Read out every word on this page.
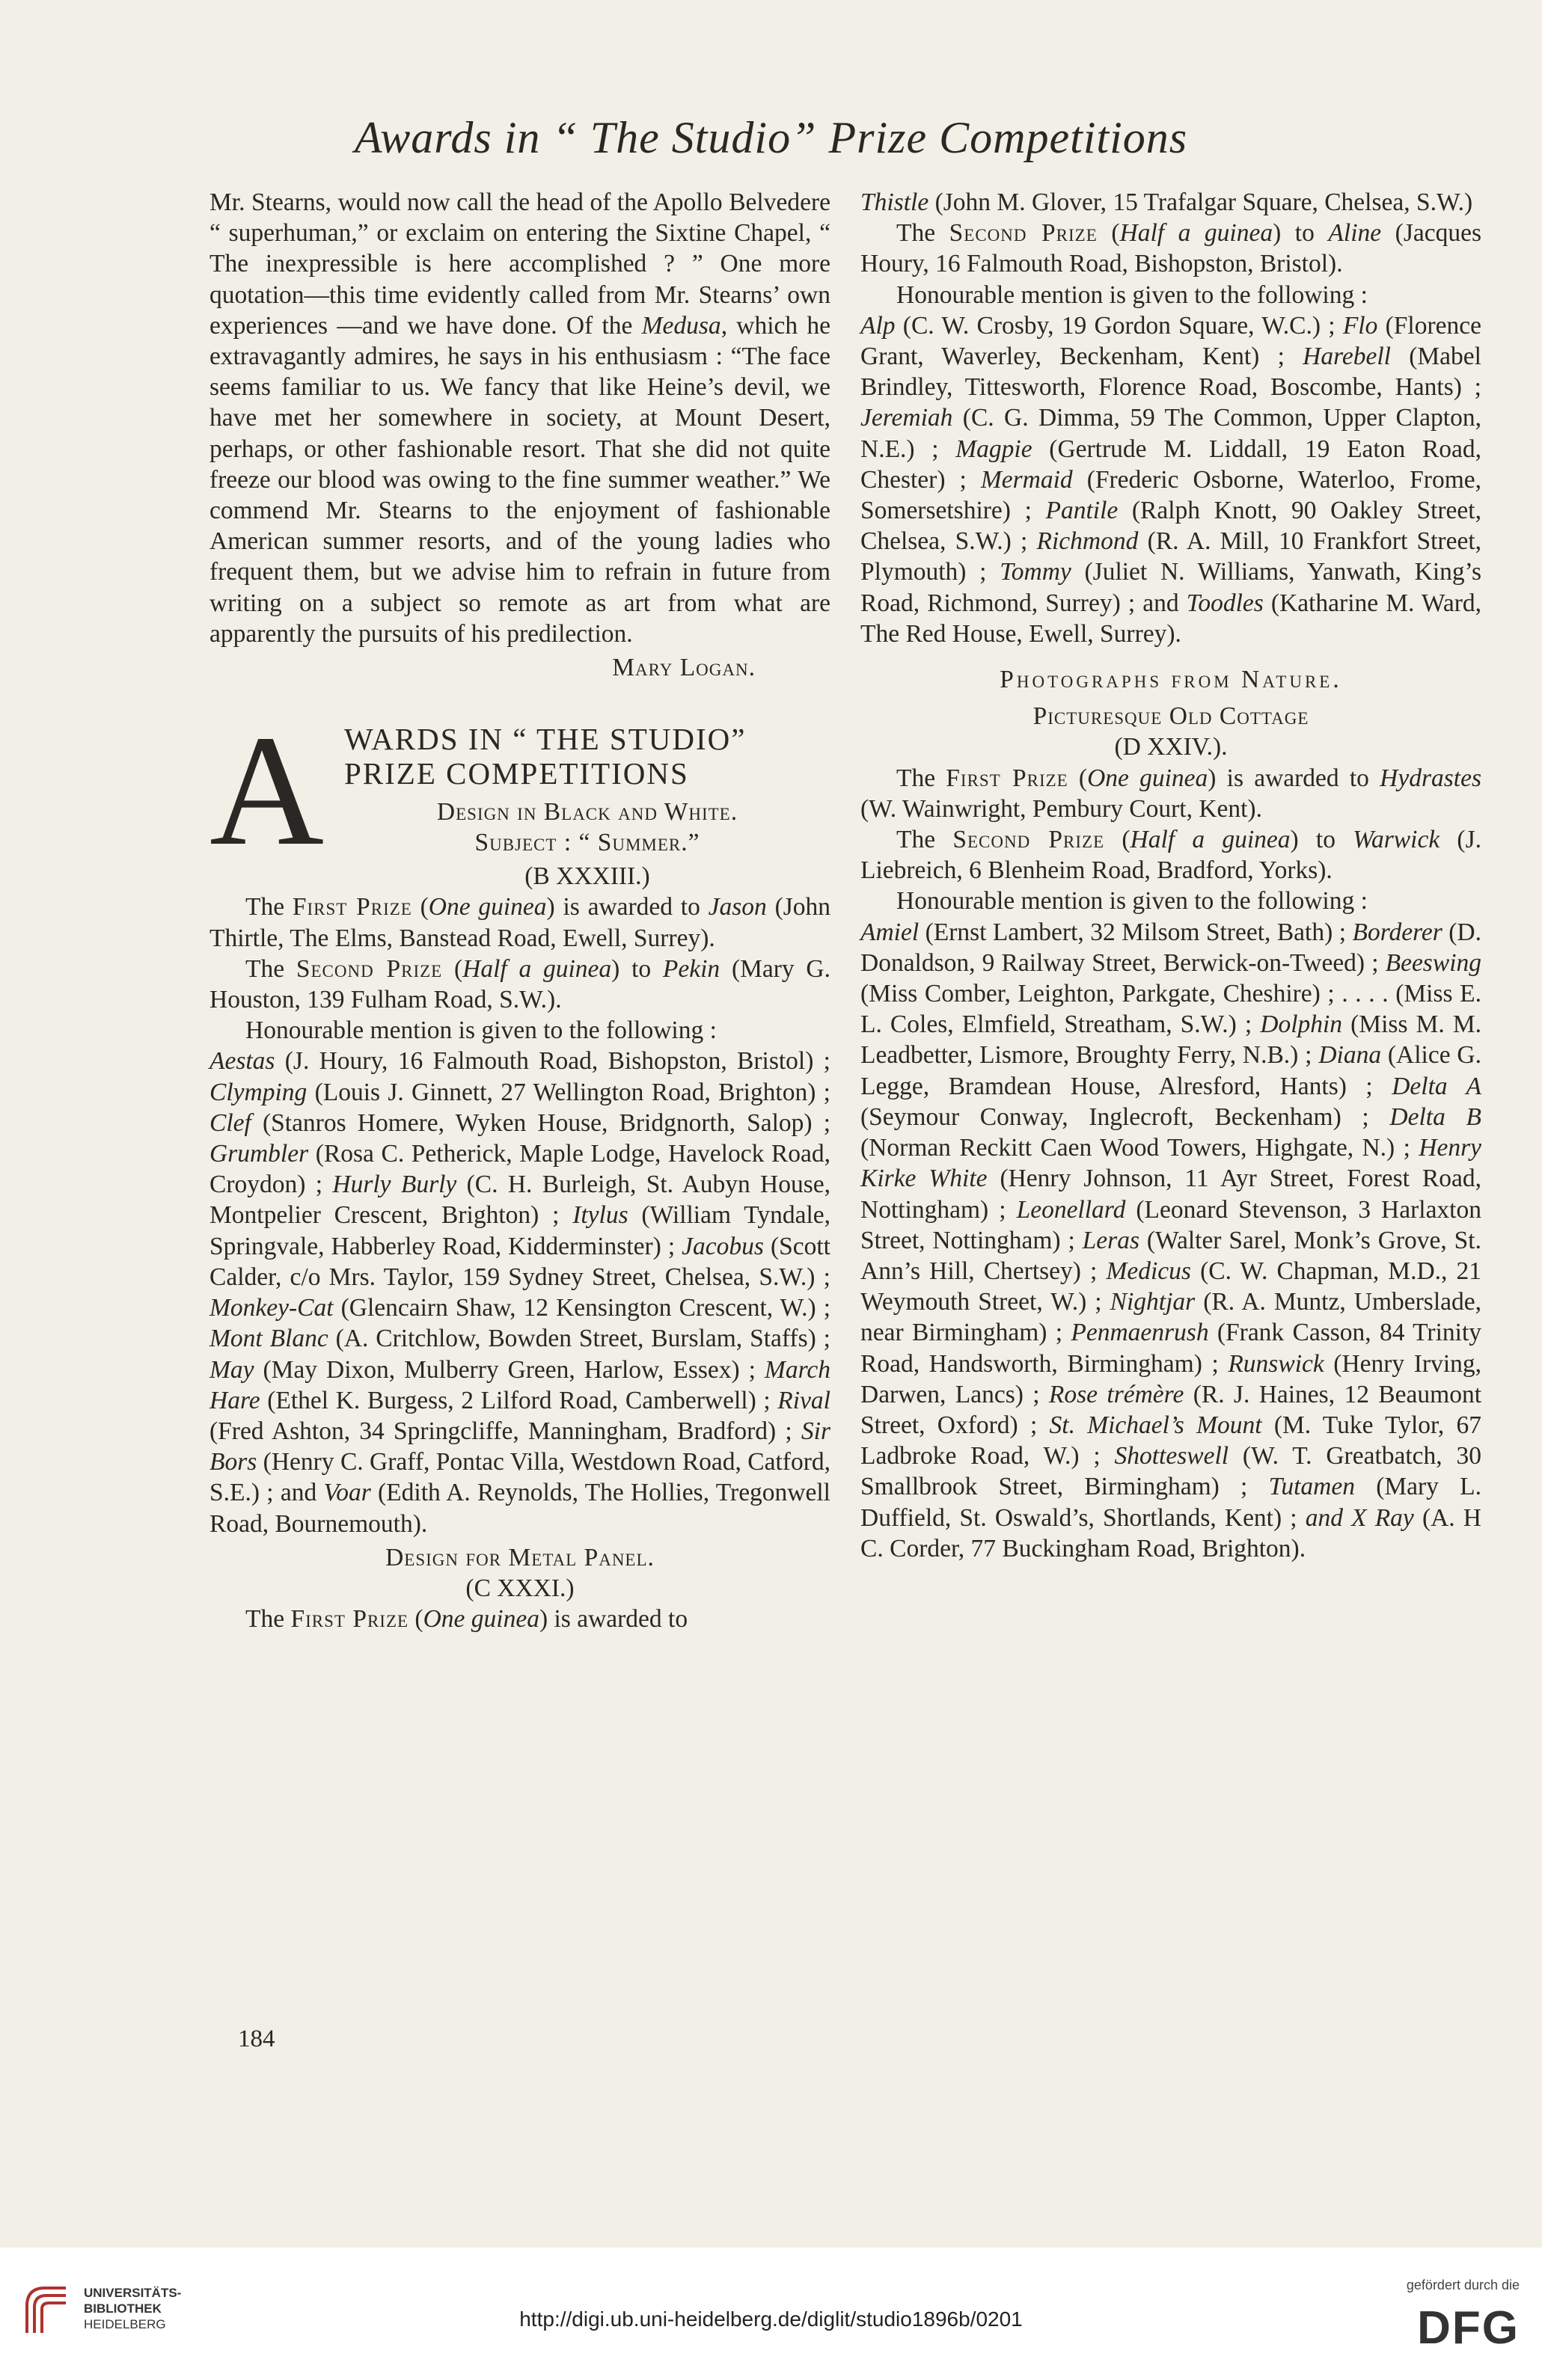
Awards in “ The Studio” Prize Competitions

Mr. Stearns, would now call the head of the Apollo Belvedere “ superhuman,” or exclaim on entering the Sixtine Chapel, “ The inexpressible is here accomplished ? ” One more quotation—this time evidently called from Mr. Stearns’ own experiences —and we have done. Of the Medusa, which he extravagantly admires, he says in his enthusiasm : “The face seems familiar to us. We fancy that like Heine’s devil, we have met her somewhere in society, at Mount Desert, perhaps, or other fashionable resort. That she did not quite freeze our blood was owing to the fine summer weather.” We commend Mr. Stearns to the enjoyment of fashionable American summer resorts, and of the young ladies who frequent them, but we advise him to refrain in future from writing on a subject so remote as art from what are apparently the pursuits of his predilection.

Mary Logan.

A WARDS IN “ THE STUDIO” PRIZE COMPETITIONS
Design in Black and White.
Subject : “ Summer.”

(B XXXIII.)

The First Prize (One guinea) is awarded to Jason (John Thirtle, The Elms, Banstead Road, Ewell, Surrey).

The Second Prize (Half a guinea) to Pekin (Mary G. Houston, 139 Fulham Road, S.W.).

Honourable mention is given to the following :

Aestas (J. Houry, 16 Falmouth Road, Bishopston, Bristol) ; Clymping (Louis J. Ginnett, 27 Wellington Road, Brighton) ; Clef (Stanros Homere, Wyken House, Bridgnorth, Salop) ; Grumbler (Rosa C. Petherick, Maple Lodge, Havelock Road, Croydon) ; Hurly Burly (C. H. Burleigh, St. Aubyn House, Montpelier Crescent, Brighton) ; Itylus (William Tyndale, Springvale, Habberley Road, Kidderminster) ; Jacobus (Scott Calder, c/o Mrs. Taylor, 159 Sydney Street, Chelsea, S.W.) ; Monkey-Cat (Glencairn Shaw, 12 Kensington Crescent, W.) ; Mont Blanc (A. Critchlow, Bowden Street, Burslam, Staffs) ; May (May Dixon, Mulberry Green, Harlow, Essex) ; March Hare (Ethel K. Burgess, 2 Lilford Road, Camberwell) ; Rival (Fred Ashton, 34 Springcliffe, Manningham, Bradford) ; Sir Bors (Henry C. Graff, Pontac Villa, Westdown Road, Catford, S.E.) ; and Voar (Edith A. Reynolds, The Hollies, Tregonwell Road, Bournemouth).

Design for Metal Panel.

(C XXXI.)

The First Prize (One guinea) is awarded to

Thistle (John M. Glover, 15 Trafalgar Square, Chelsea, S.W.)

The Second Prize (Half a guinea) to Aline (Jacques Houry, 16 Falmouth Road, Bishopston, Bristol).

Honourable mention is given to the following :

Alp (C. W. Crosby, 19 Gordon Square, W.C.) ; Flo (Florence Grant, Waverley, Beckenham, Kent) ; Harebell (Mabel Brindley, Tittesworth, Florence Road, Boscombe, Hants) ; Jeremiah (C. G. Dimma, 59 The Common, Upper Clapton, N.E.) ; Magpie (Gertrude M. Liddall, 19 Eaton Road, Chester) ; Mermaid (Frederic Osborne, Waterloo, Frome, Somersetshire) ; Pantile (Ralph Knott, 90 Oakley Street, Chelsea, S.W.) ; Richmond (R. A. Mill, 10 Frankfort Street, Plymouth) ; Tommy (Juliet N. Williams, Yanwath, King’s Road, Richmond, Surrey) ; and Toodles (Katharine M. Ward, The Red House, Ewell, Surrey).

Photographs from Nature.

Picturesque Old Cottage

(D XXIV.).

The First Prize (One guinea) is awarded to Hydrastes (W. Wainwright, Pembury Court, Kent).

The Second Prize (Half a guinea) to Warwick (J. Liebreich, 6 Blenheim Road, Bradford, Yorks).

Honourable mention is given to the following :

Amiel (Ernst Lambert, 32 Milsom Street, Bath) ; Borderer (D. Donaldson, 9 Railway Street, Berwick-on-Tweed) ; Beeswing (Miss Comber, Leighton, Parkgate, Cheshire) ; . . . . (Miss E. L. Coles, Elmfield, Streatham, S.W.) ; Dolphin (Miss M. M. Leadbetter, Lismore, Broughty Ferry, N.B.) ; Diana (Alice G. Legge, Bramdean House, Alresford, Hants) ; Delta A (Seymour Conway, Inglecroft, Beckenham) ; Delta B (Norman Reckitt Caen Wood Towers, Highgate, N.) ; Henry Kirke White (Henry Johnson, 11 Ayr Street, Forest Road, Nottingham) ; Leonellard (Leonard Stevenson, 3 Harlaxton Street, Nottingham) ; Leras (Walter Sarel, Monk’s Grove, St. Ann’s Hill, Chertsey) ; Medicus (C. W. Chapman, M.D., 21 Weymouth Street, W.) ; Nightjar (R. A. Muntz, Umberslade, near Birmingham) ; Penmaenrush (Frank Casson, 84 Trinity Road, Handsworth, Birmingham) ; Runswick (Henry Irving, Darwen, Lancs) ; Rose trémère (R. J. Haines, 12 Beaumont Street, Oxford) ; St. Michael’s Mount (M. Tuke Tylor, 67 Ladbroke Road, W.) ; Shotteswell (W. T. Greatbatch, 30 Smallbrook Street, Birmingham) ; Tutamen (Mary L. Duffield, St. Oswald’s, Shortlands, Kent) ; and X Ray (A. H C. Corder, 77 Buckingham Road, Brighton).

184
UNIVERSITÄTS-
BIBLIOTHEK
HEIDELBERG	http://digi.ub.uni-heidelberg.de/diglit/studio1896b/0201
gefördert durch die
DFG
